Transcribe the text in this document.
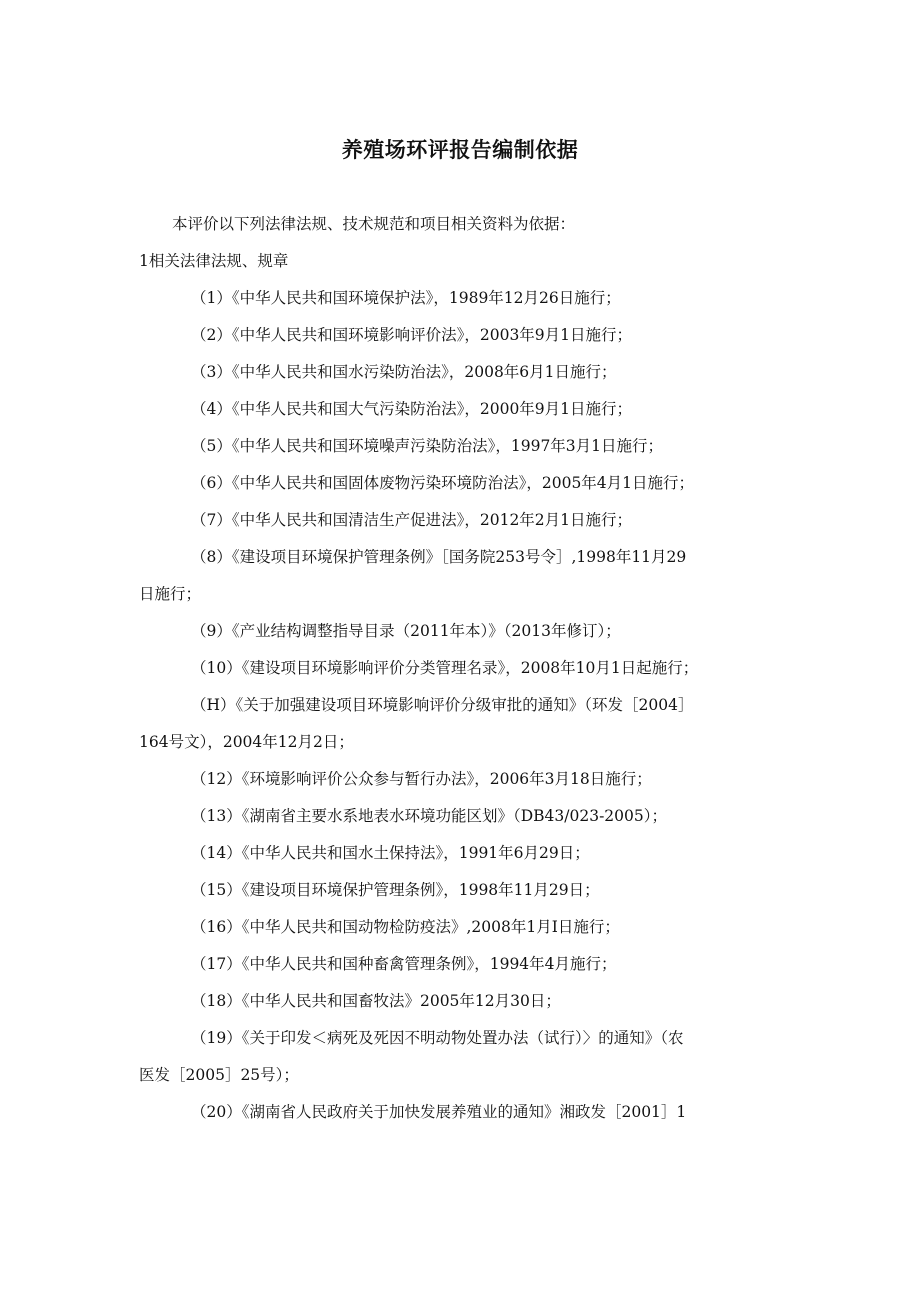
养殖场环评报告编制依据
本评价以下列法律法规、技术规范和项目相关资料为依据：
1相关法律法规、规章
（1）《中华人民共和国环境保护法》，1989年12月26日施行；
（2）《中华人民共和国环境影响评价法》，2003年9月1日施行；
（3）《中华人民共和国水污染防治法》，2008年6月1日施行；
（4）《中华人民共和国大气污染防治法》，2000年9月1日施行；
（5）《中华人民共和国环境噪声污染防治法》，1997年3月1日施行；
（6）《中华人民共和国固体废物污染环境防治法》，2005年4月1日施行；
（7）《中华人民共和国清洁生产促进法》，2012年2月1日施行；
（8）《建设项目环境保护管理条例》［国务院253号令］,1998年11月29
日施行；
（9）《产业结构调整指导目录（2011年本）》（2013年修订）；
（10）《建设项目环境影响评价分类管理名录》，2008年10月1日起施行；
（H）《关于加强建设项目环境影响评价分级审批的通知》（环发［2004］
164号文），2004年12月2日；
（12）《环境影响评价公众参与暂行办法》，2006年3月18日施行；
（13）《湖南省主要水系地表水环境功能区划》（DB43/023-2005）；
（14）《中华人民共和国水土保持法》，1991年6月29日；
（15）《建设项目环境保护管理条例》，1998年11月29日；
（16）《中华人民共和国动物检防疫法》,2008年1月I日施行；
（17）《中华人民共和国种畜禽管理条例》，1994年4月施行；
（18）《中华人民共和国畜牧法》2005年12月30日；
（19）《关于印发＜病死及死因不明动物处置办法（试行）〉的通知》（农
医发［2005］25号）；
（20）《湖南省人民政府关于加快发展养殖业的通知》湘政发［2001］1
